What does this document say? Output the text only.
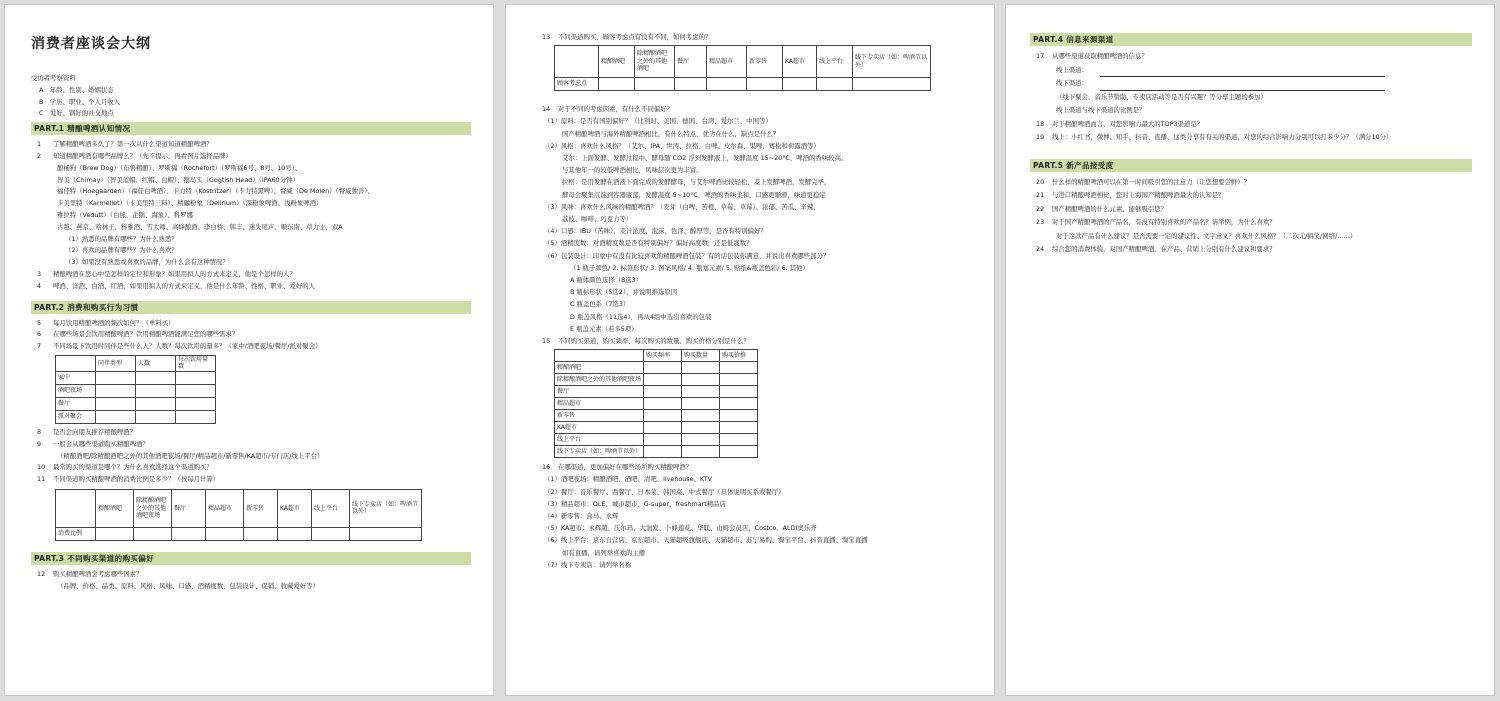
消费者座谈会大纲
受访者考察资料
A　年龄、性别、婚姻状态
B　学历、职业、个人月收入
C　爱好、钢好的社交地点
PART.1 精酿啤酒认知情况
1 了解精酿啤酒多久了？第一次从什么渠道知道精酿啤酒？
2 知道精酿啤酒有哪些品牌么？（先不提示，再看图片选择品牌）
酿桶狗（Brew Dog）（布鲁精酿）、罗斯福（Rochefort）（罗斯福6号、8号、10号）、
智美（Chimay）（智美蓝帽、红帽、白帽）、鹅岛头（Gogtish Head）（IPA60分钟）
福佳特（Hoegaarden）（福佳白啤酒）、卡力特（Kostritzer）（卡力特黑啤）、督威（De Molen）（督威独善）、
卡美里特（Karmeliet）（卡美里特三料）、精融粉象（Delirium）（深粉象啤酒、浅粉象啤酒）
雅拉特（Vedutt）（白熊、企鹅、海象）、科罗娜
古越、燕京、哈林王、科雅酒、雪大师、高峰酿酒、李白桥、韩丰、迷失尾声、顺东南、草力士、双A
（1）熟悉的品牌有哪些？为什么熟悉？
（2）喜欢的品牌有哪些？为什么喜欢？
（3）如果没有熟悉或喜欢的品牌，为什么会有这种情况？
3 精酿啤酒在您心中是怎样的定位和形象？如果用拟人的方式来定义，他是个怎样的人？
4 啤酒、洋酒、白酒、红酒，如果用拟人的方式来定义，他是什么年龄、性格、职业、爱好的人
PART.2 消费和购买行为习惯
5 每月饮用精酿啤酒的频次如何？（单料买）
6 在哪些场景会饮用精酿啤酒？饮用精酿啤酒能满足您的哪些需求？
7 不同场景下饮用时同伴是些什么人？人数？每次饮用的量多？（家中/酒吧夜场/餐厅/派对聚会）
	同伴类型	人数	每次饮用量数
家中			
酒吧夜场			
餐厅			
派对聚会			
8 是否会向朋友推荐精酿啤酒？
9 一般会从哪些渠道购买精酿啤酒？
（精酿酒吧/除精酿酒吧之外的其他酒吧夜场/餐厅/精品超市/新零售/KA超市/专门店/线上平台）
10 最常购买的渠道是哪个？为什么喜欢选择这个渠道购买？
11 不同渠道购买精酿啤酒的消费比例是多少？（按每月计算）
	精酿酒吧	除精酿酒吧之外的其他酒吧夜场	餐厅	精品超市	新零售	KA超市	线上平台	线下专卖店（如：啤酒节以外）
消费比例								
PART.3 不同购买渠道的购买偏好
12 购买精酿啤酒会考虑哪些因素？
（品牌、价格、品类、原料、风格、风味、口感、酒精度数、包装设计、促销、收藏爱好等）
13 不同渠道购买，顾客考虑点有没有不同，如何考虑的？
	精酿酒吧	除精酿酒吧之外的其他酒吧	餐厅	精品超市	新零售	KA超市	线上平台	线下专卖店（如：啤酒节以外）
顾客考虑点								
14 对于不同的考虑因素，有什么不同偏好？
（1）原料：是否有国别偏好？（比利时、美国、德国、台湾、爱尔兰、中国等）
国产精酿啤酒与海外精酿啤酒相比，有什么特点，优劣在什么，缺点是什么？
（2）风格：喜欢什么风格？（艾尔、IPA、世涛、拉格、白啤、皮尔森、果啤、赛松和荷露酒等）
艾尔：上面发酵、发酵过程中，酵母随 CO2 浮到发酵液上，发酵温度 15~20°C，啤酒的香味较高。
与其他年一的较低啤酒相比，风味层次更为丰富。
拉格：是用发酵在酒液下面完成的发酵酵母，与艾尔啤酒比较轻松，麦上发酵啤酒，发酵完毕，
酵母会聚集沉淀到容器底部，发酵温度 5~10°C，啤酒的香味柔和，口感更顺滑，味道更稳定
（3）风味：喜欢什么风味的精酿啤酒？（麦芽（白啤、苦橙、草莓、草莓）、浓郁、苦瓜、辛辣、
荔枝、咖啡、巧克力等）
（4）口感：IBU（苦味）、麦汁浓度、泡沫、色泽、醇厚等，是否有特别偏好？
（5）酒精度数：对酒精度数是否有特别偏好？偏好高度数，还是低度数？
（6）包装设计：印象中有没有比较喜欢的精酿啤酒包装？有的话包装你满意，并说出喜欢哪些部分？
（1 瓶子颜色/ 2. 标签形状/ 3. 图案风格/ 4. 瓶塞元素/ 5. 贴纸&瓶盖色彩/ 6. 其他）
A 瓶体颜色选择（8选3）
B 瓶标形状（5选2），并说明推选原因
C 瓶盖色系（7选3）
D 瓶盖风格（11选4），再从4组中选出喜欢的包装
E 瓶盖元素（若多5项）
15 不同购买渠道，购买频率、每次购买的数量、购买价格分别是什么？
	购买频率	购买数量	购买价格
精酿酒吧			
除精酿酒吧之外的其他酒吧夜场			
餐厅			
精品超市			
新零售			
KA超市			
线上平台			
线下专卖店（如：啤酒节以外）			
16 在哪渠道，更加偏好在哪些场所购买精酿啤酒？
（1）酒吧夜场：精酿酒吧、酒吧、清吧、livehouse、KTV
（2）餐厅：音乐餐厅、西餐厅、日本菜、韩国菜、中式餐厅（具体说明买系或餐厅）
（3）精品超市：OLE、城市超市、G-super、freshmart精品店
（4）新零售：盒马、永辉
（5）KA超市：永辉超、沃尔玛、大润发、卜蜂莲花、华联、山姆会员店、Costco、ALDI奥乐齐
（6）线上平台：京东自营店、京东超市、天猫超级旗舰店、天猫超市、苏宁易购、淘宝平台、抖音直播、淘宝直播
如有直播，请列举喜欢的主播
（7）线下专卖店：请列举名称
PART.4 信息来源渠道
17 从哪些渠道获取精酿啤酒的信息？
线上渠道：
线下渠道：
（线下聚会、音乐节赞助、专卖店活动等是否有兴趣？等分享主题的参加）
线上渠道与线下渠道的比例是？
18 对于精酿啤酒而言，对您影响力最大的TOP3渠道是？
19 线上：小红书、微博、知乎、抖音、直播、这类分享有有关的渠道，对您的综合影响力分别可以打多少分？（满分10分）
PART.5 新产品接受度
20 什么样的精酿啤酒可以在第一时间吸引您的注意力（让您想要尝鲜）？
21 与进口精酿啤酒相比，您对上海国产精酿啤酒最大的认知是？
22 国产精酿啤酒的什么元素，能够吸引您？
23 对于国产精酿啤酒的产品名，有没有特别喜欢的产品名？请举例，为什么喜欢？
对于这款产品有什么建议？是否需要一定的建议性、文字意义？喜欢什么风格？（二次元/搞笑/网络/……）
24 综合您的消费体验，对国产精酿啤酒，在产品、营销上分别有什么建议和要求？
